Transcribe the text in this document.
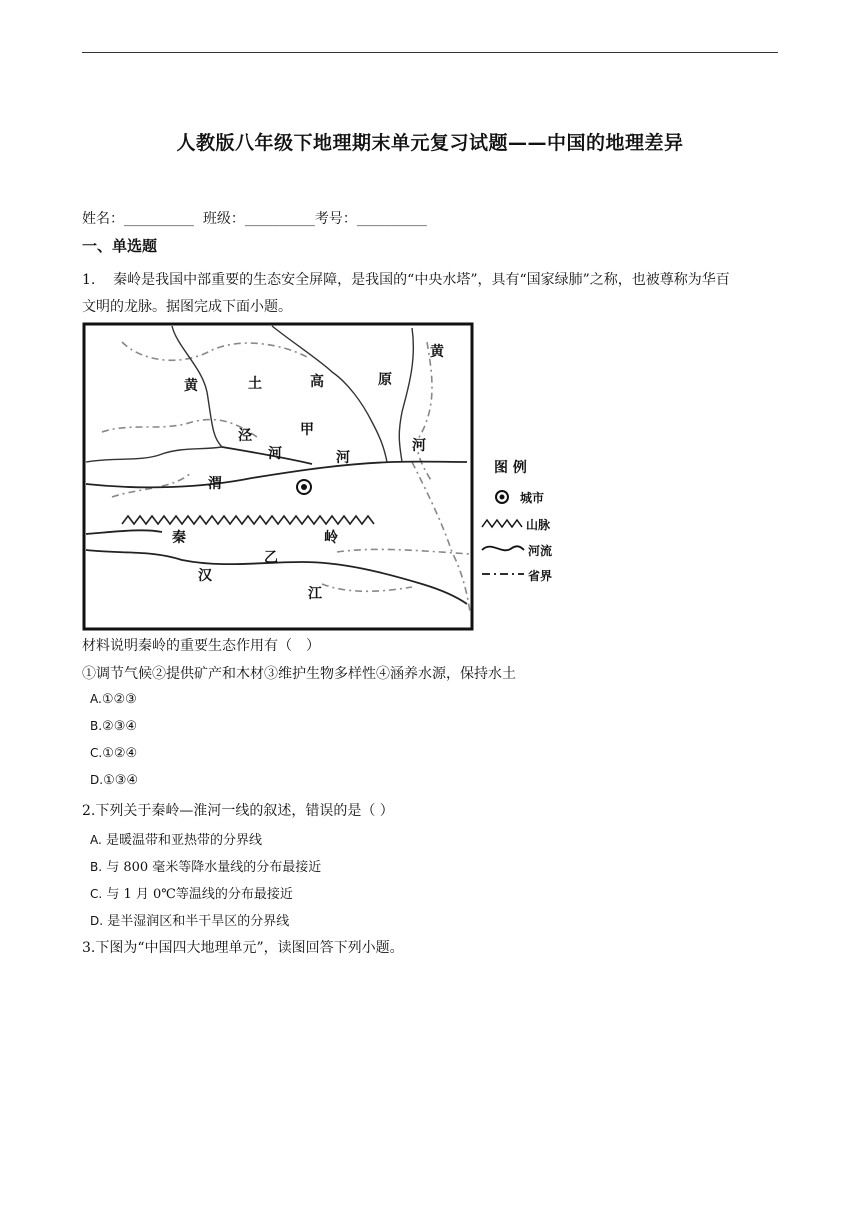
人教版八年级下地理期末单元复习试题——中国的地理差异
姓名：__________ 班级：__________考号：__________
一、单选题
1. 秦岭是我国中部重要的生态安全屏障，是我国的“中央水塔”，具有“国家绿肺”之称，也被尊称为华百
文明的龙脉。据图完成下面小题。
黄	土	高	原
黄
河
泾	甲
河	河
渭
秦
乙
岭
汉
江
图 例
城市
山脉
河流
省界
材料说明秦岭的重要生态作用有（　）
①调节气候②提供矿产和木材③维护生物多样性④涵养水源，保持水土
A.①②③
B.②③④
C.①②④
D.①③④
2.下列关于秦岭—淮河一线的叙述，错误的是（ ）
A. 是暖温带和亚热带的分界线
B. 与 800 毫米等降水量线的分布最接近
C. 与 1 月 0℃等温线的分布最接近
D. 是半湿润区和半干旱区的分界线
3.下图为“中国四大地理单元”，读图回答下列小题。
